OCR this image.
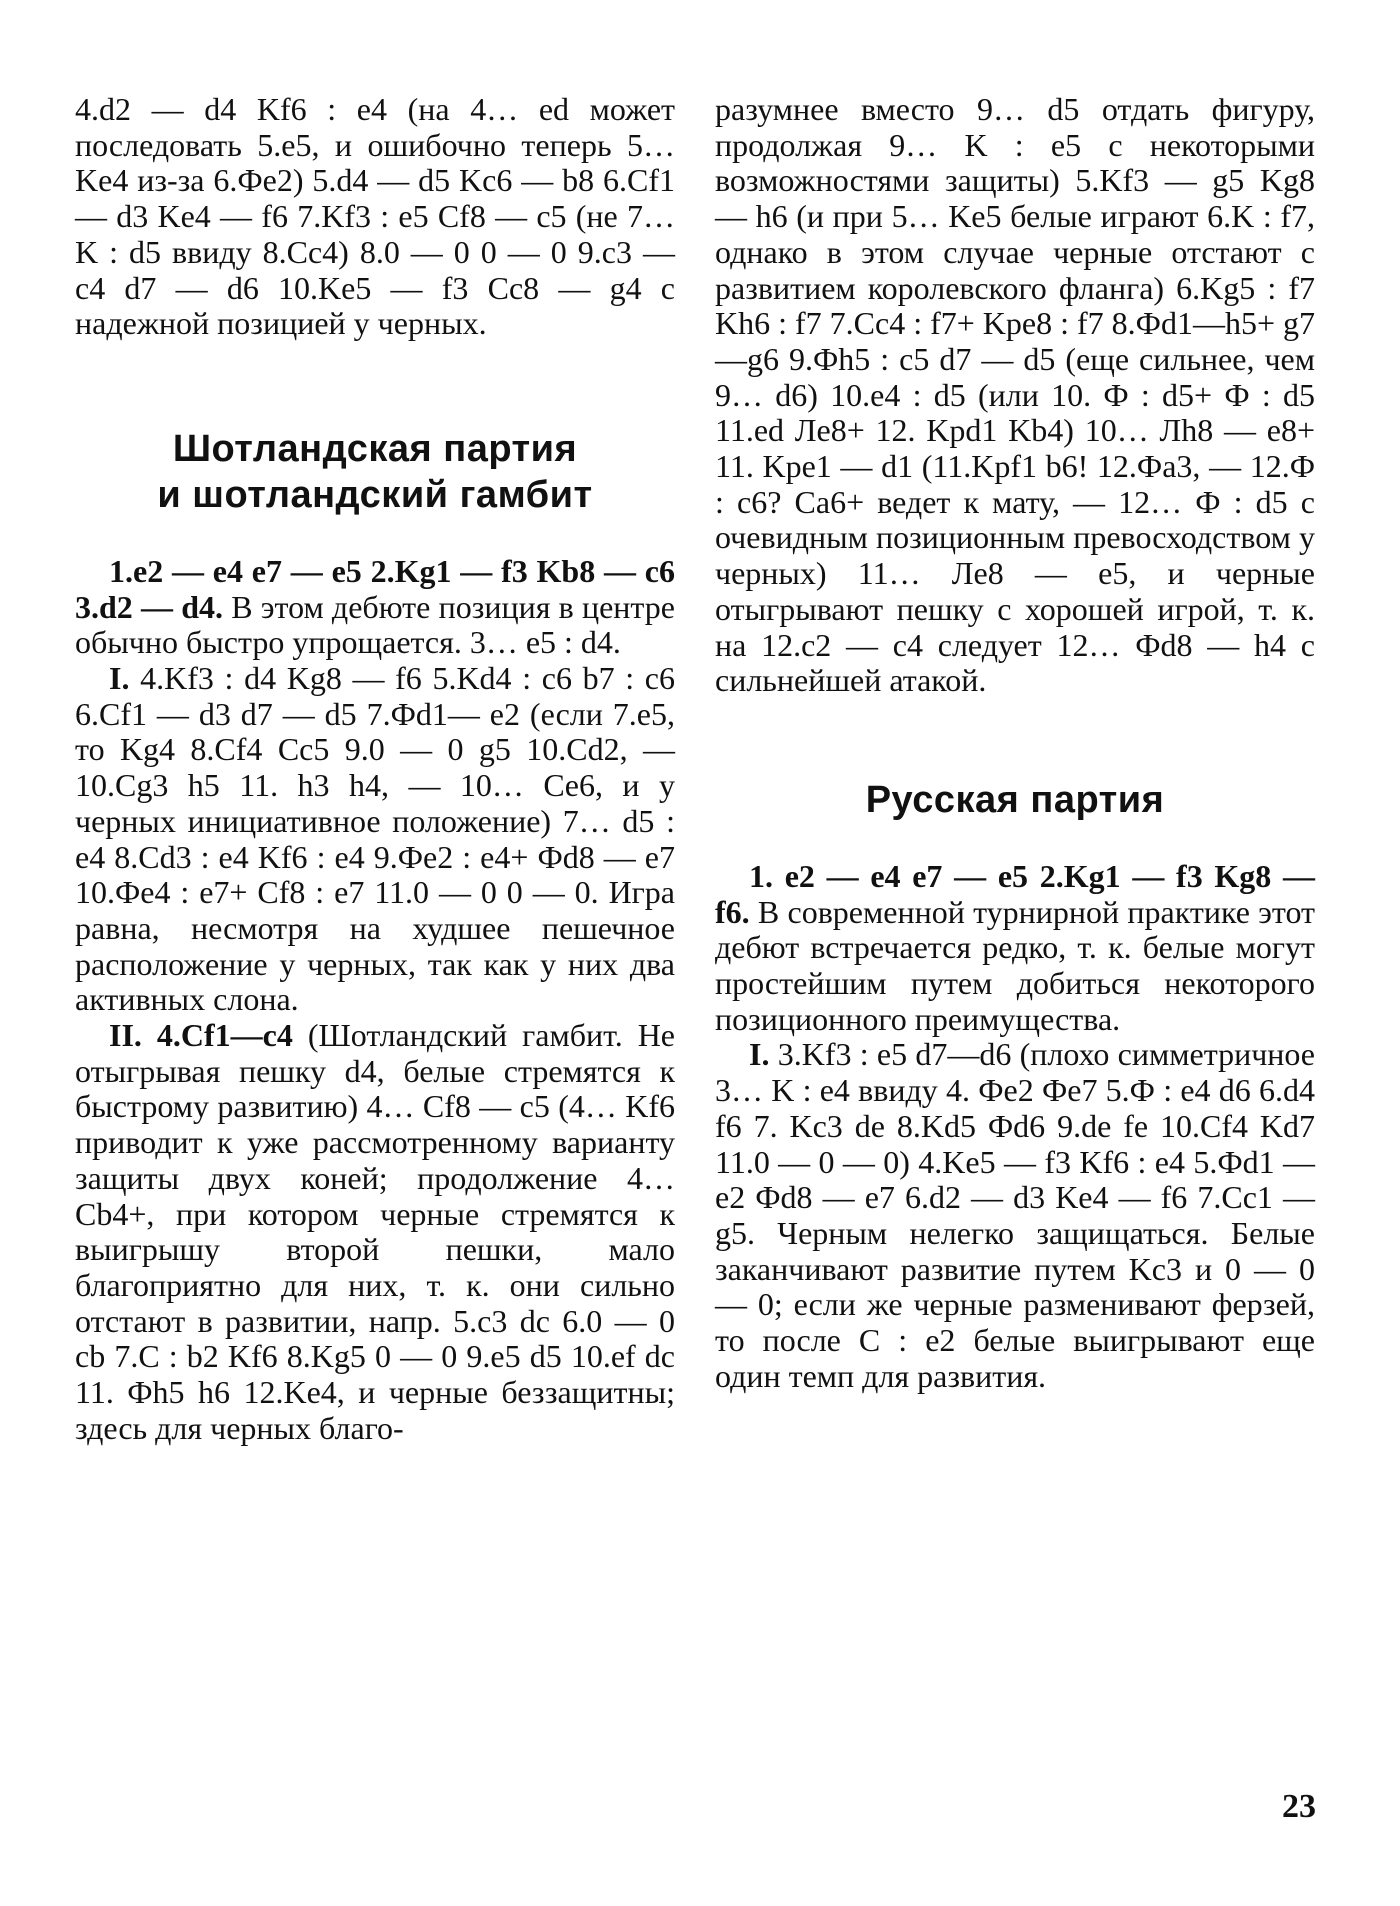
4.d2 — d4 Kf6 : e4 (на 4… ed может последовать 5.e5, и ошибочно теперь 5… Ke4 из-за 6.Фe2) 5.d4 — d5 Kc6 — b8 6.Cf1 — d3 Ke4 — f6 7.Kf3 : e5 Cf8 — c5 (не 7… K : d5 ввиду 8.Cc4) 8.0 — 0 0 — 0 9.c3 — c4 d7 — d6 10.Ke5 — f3 Cc8 — g4 с надежной позицией у черных.

Шотландская партия
и шотландский гамбит

1.e2 — e4 e7 — e5 2.Kg1 — f3 Kb8 — c6 3.d2 — d4. В этом дебюте позиция в центре обычно быстро упрощается. 3… e5 : d4.

I. 4.Kf3 : d4 Kg8 — f6 5.Kd4 : c6 b7 : c6 6.Cf1 — d3 d7 — d5 7.Фd1— e2 (если 7.e5, то Kg4 8.Cf4 Cc5 9.0 — 0 g5 10.Cd2, — 10.Cg3 h5 11. h3 h4, — 10… Ce6, и у черных инициативное положение) 7… d5 : e4 8.Cd3 : e4 Kf6 : e4 9.Фe2 : e4+ Фd8 — e7 10.Фe4 : e7+ Cf8 : e7 11.0 — 0 0 — 0. Игра равна, несмотря на худшее пешечное расположение у черных, так как у них два активных слона.

II. 4.Cf1—c4 (Шотландский гамбит. Не отыгрывая пешку d4, белые стремятся к быстрому развитию) 4… Cf8 — c5 (4… Kf6 приводит к уже рассмотренному варианту защиты двух коней; продолжение 4… Cb4+, при котором черные стремятся к выигрышу второй пешки, мало благоприятно для них, т. к. они сильно отстают в развитии, напр. 5.c3 dc 6.0 — 0 cb 7.C : b2 Kf6 8.Kg5 0 — 0 9.e5 d5 10.ef dc 11. Фh5 h6 12.Ke4, и черные беззащитны; здесь для черных благо-

разумнее вместо 9… d5 отдать фигуру, продолжая 9… K : e5 с некоторыми возможностями защиты) 5.Kf3 — g5 Kg8 — h6 (и при 5… Ke5 белые играют 6.K : f7, однако в этом случае черные отстают с развитием королевского фланга) 6.Kg5 : f7 Kh6 : f7 7.Cc4 : f7+ Kpe8 : f7 8.Фd1—h5+ g7—g6 9.Фh5 : c5 d7 — d5 (еще сильнее, чем 9… d6) 10.e4 : d5 (или 10. Ф : d5+ Ф : d5 11.ed Лe8+ 12. Kpd1 Kb4) 10… Лh8 — e8+ 11. Kpe1 — d1 (11.Kpf1 b6! 12.Фa3, — 12.Ф : c6? Ca6+ ведет к мату, — 12… Ф : d5 с очевидным позиционным превосходством у черных) 11… Лe8 — e5, и черные отыгрывают пешку с хорошей игрой, т. к. на 12.c2 — c4 следует 12… Фd8 — h4 с сильнейшей атакой.

Русская партия

1. e2 — e4 e7 — e5 2.Kg1 — f3 Kg8 — f6. В современной турнирной практике этот дебют встречается редко, т. к. белые могут простейшим путем добиться некоторого позиционного преимущества.

I. 3.Kf3 : e5 d7—d6 (плохо симметричное 3… K : e4 ввиду 4. Фe2 Фe7 5.Ф : e4 d6 6.d4 f6 7. Kc3 de 8.Kd5 Фd6 9.de fe 10.Cf4 Kd7 11.0 — 0 — 0) 4.Ke5 — f3 Kf6 : e4 5.Фd1 — e2 Фd8 — e7 6.d2 — d3 Ke4 — f6 7.Cc1 — g5. Черным нелегко защищаться. Белые заканчивают развитие путем Kc3 и 0 — 0 — 0; если же черные разменивают ферзей, то после C : e2 белые выигрывают еще один темп для развития.

23
